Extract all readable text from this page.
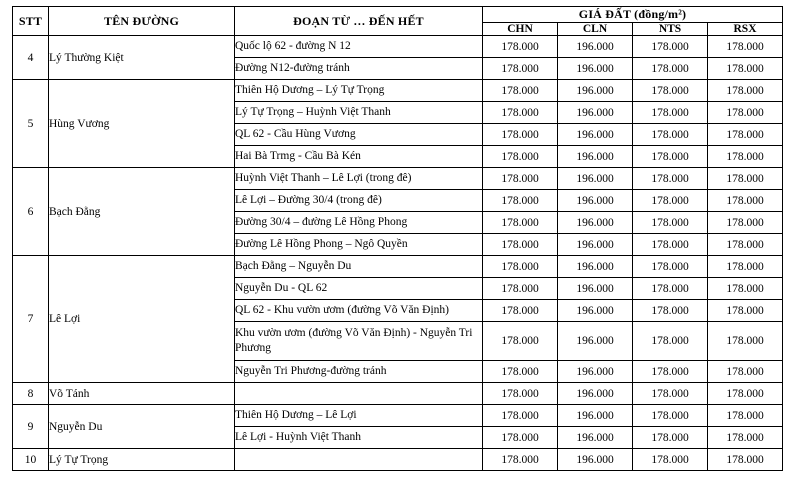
STT	TÊN ĐƯỜNG	ĐOẠN TỪ … ĐẾN HẾT	GIÁ ĐẤT (đồng/m²)			
			CHN	CLN	NTS	RSX
4	Lý Thường Kiệt	Quốc lộ 62 - đường N 12	178.000	196.000	178.000	178.000
		Đường N12-đường tránh	178.000	196.000	178.000	178.000
5	Hùng Vương	Thiên Hộ Dương – Lý Tự Trọng	178.000	196.000	178.000	178.000
		Lý Tự Trọng – Huỳnh Việt Thanh	178.000	196.000	178.000	178.000
		QL 62 - Cầu Hùng Vương	178.000	196.000	178.000	178.000
		Hai Bà Trmg - Cầu Bà Kén	178.000	196.000	178.000	178.000
6	Bạch Đằng	Huỳnh Việt Thanh – Lê Lợi (trong đê)	178.000	196.000	178.000	178.000
		Lê Lợi – Đường 30/4 (trong đê)	178.000	196.000	178.000	178.000
		Đường 30/4 – đường Lê Hồng Phong	178.000	196.000	178.000	178.000
		Đường Lê Hồng Phong – Ngô Quyền	178.000	196.000	178.000	178.000
7	Lê Lợi	Bạch Đằng – Nguyễn Du	178.000	196.000	178.000	178.000
		Nguyễn Du - QL 62	178.000	196.000	178.000	178.000
		QL 62 - Khu vườn ươm (đường Võ Văn Định)	178.000	196.000	178.000	178.000
		Khu vườn ươm (đường Võ Văn Định) - Nguyễn Tri Phương	178.000	196.000	178.000	178.000
		Nguyễn Tri Phương-đường tránh	178.000	196.000	178.000	178.000
8	Võ Tánh		178.000	196.000	178.000	178.000
9	Nguyễn Du	Thiên Hộ Dương – Lê Lợi	178.000	196.000	178.000	178.000
		Lê Lợi - Huỳnh Việt Thanh	178.000	196.000	178.000	178.000
10	Lý Tự Trọng		178.000	196.000	178.000	178.000
